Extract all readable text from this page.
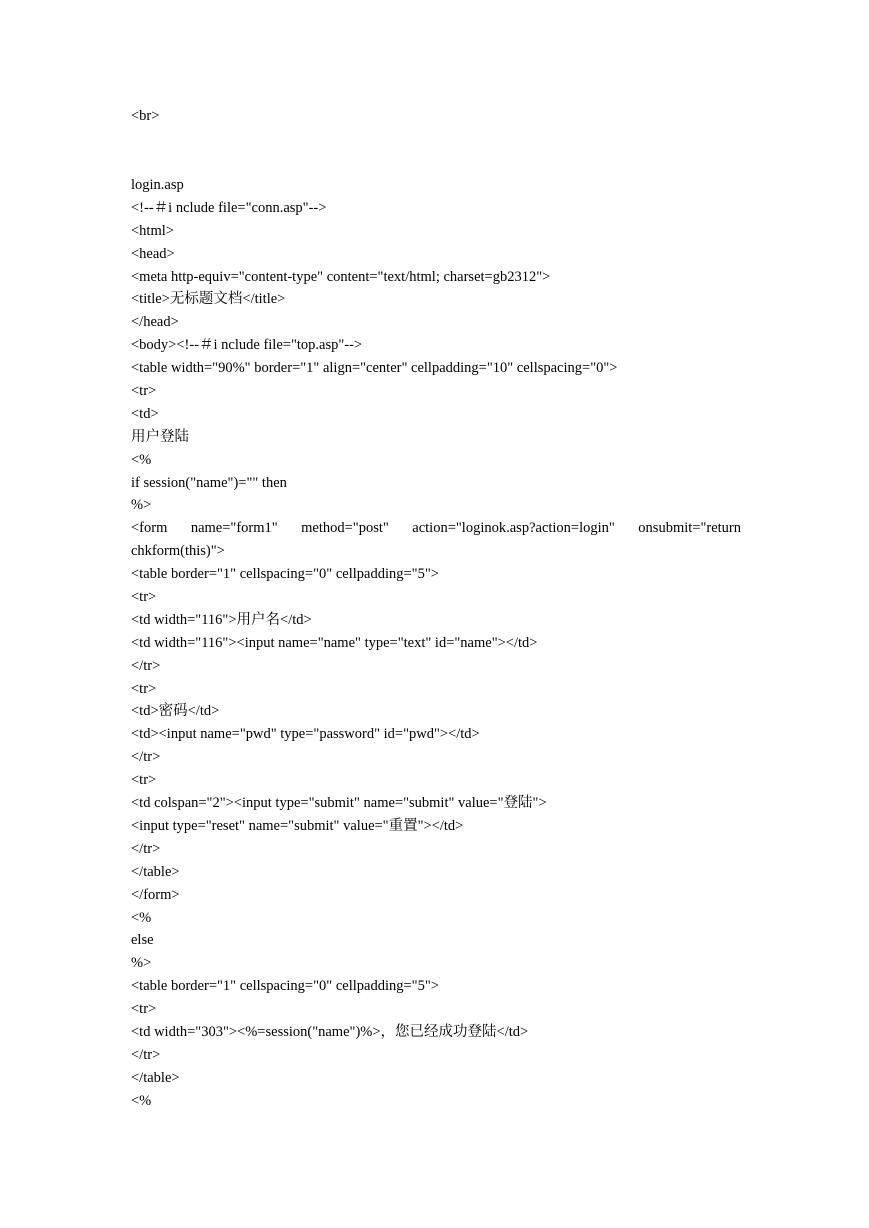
<br>
login.asp
<!--＃i nclude file="conn.asp"-->
<html>
<head>
<meta http-equiv="content-type" content="text/html; charset=gb2312">
<title>无标题文档</title>
</head>
<body><!--＃i nclude file="top.asp"-->
<table width="90%" border="1" align="center" cellpadding="10" cellspacing="0">
<tr>
<td>
用户登陆
<%
if session("name")="" then
%>
<form name="form1" method="post" action="loginok.asp?action=login" onsubmit="return
chkform(this)">
<table border="1" cellspacing="0" cellpadding="5">
<tr>
<td width="116">用户名</td>
<td width="116"><input name="name" type="text" id="name"></td>
</tr>
<tr>
<td>密码</td>
<td><input name="pwd" type="password" id="pwd"></td>
</tr>
<tr>
<td colspan="2"><input type="submit" name="submit" value="登陆">
<input type="reset" name="submit" value="重置"></td>
</tr>
</table>
</form>
<%
else
%>
<table border="1" cellspacing="0" cellpadding="5">
<tr>
<td width="303"><%=session("name")%>，您已经成功登陆</td>
</tr>
</table>
<%
